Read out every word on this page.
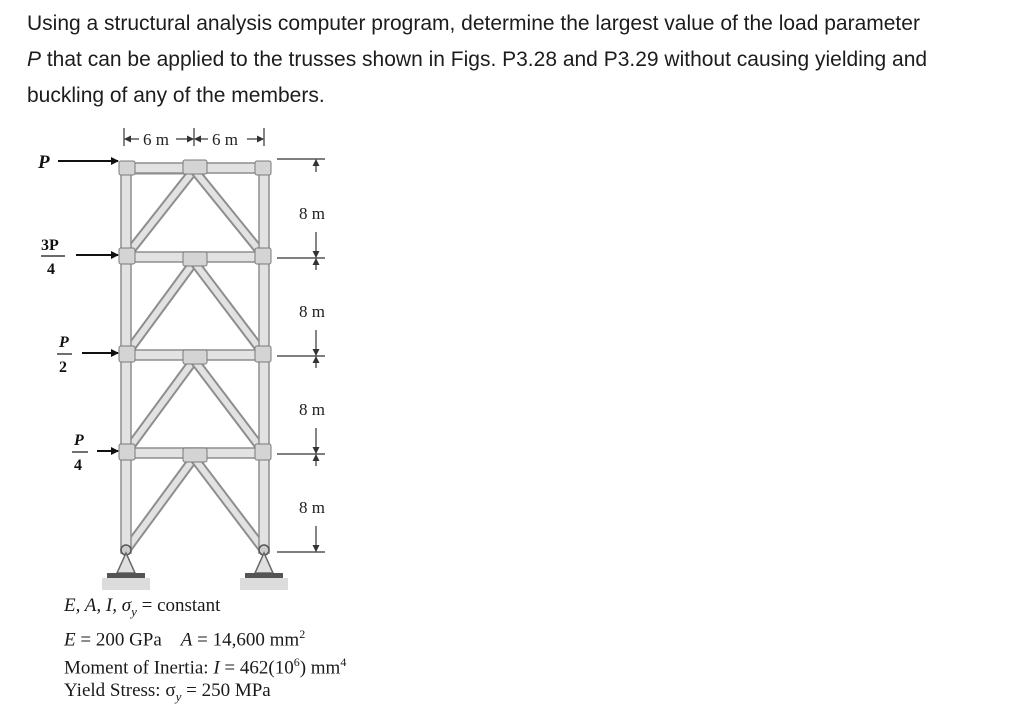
Using a structural analysis computer program, determine the largest value of the load parameter
P that can be applied to the trusses shown in Figs. P3.28 and P3.29 without causing yielding and
buckling of any of the members.
P
3P
4
P
2
P
4
6 m	6 m
8 m
8 m
8 m
8 m
E, A, I, $\sigma_y$ = constant
E = 200 GPa A = 14,600 $mm^2$
Moment of Inertia: $I = 462(10^6)$ $mm^4$
Yield Stress: $\sigma_y = 250$ MPa
